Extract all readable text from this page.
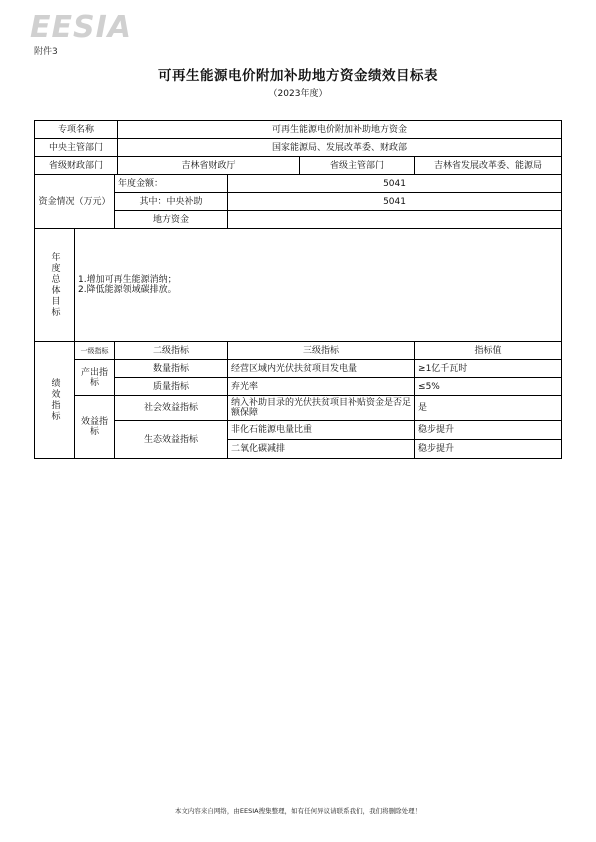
EESIA
附件3
可再生能源电价附加补助地方资金绩效目标表
（2023年度）
专项名称			可再生能源电价附加补助地方资金			
中央主管部门			国家能源局、发展改革委、财政部			
省级财政部门			吉林省财政厅		省级主管部门	吉林省发展改革委、能源局

资金情况（万元）		年度金额：		5041		
		其中：中央补助		5041		
		地方资金				

年度总体目标	1.增加可再生能源消纳；
2.降低能源领域碳排放。					

绩效指标	一级指标	二级指标		三级指标		指标值
	产出指标	数量指标		经营区域内光伏扶贫项目发电量		≥1亿千瓦时
		质量指标		弃光率		≤5%
	效益指标	社会效益指标		纳入补助目录的光伏扶贫项目补贴资金是否足额保障		是
		生态效益指标		非化石能源电量比重		稳步提升
				二氧化碳减排		稳步提升
本文内容来自网络，由EESIA搜集整理，如有任何异议请联系我们，我们将删除处理！
